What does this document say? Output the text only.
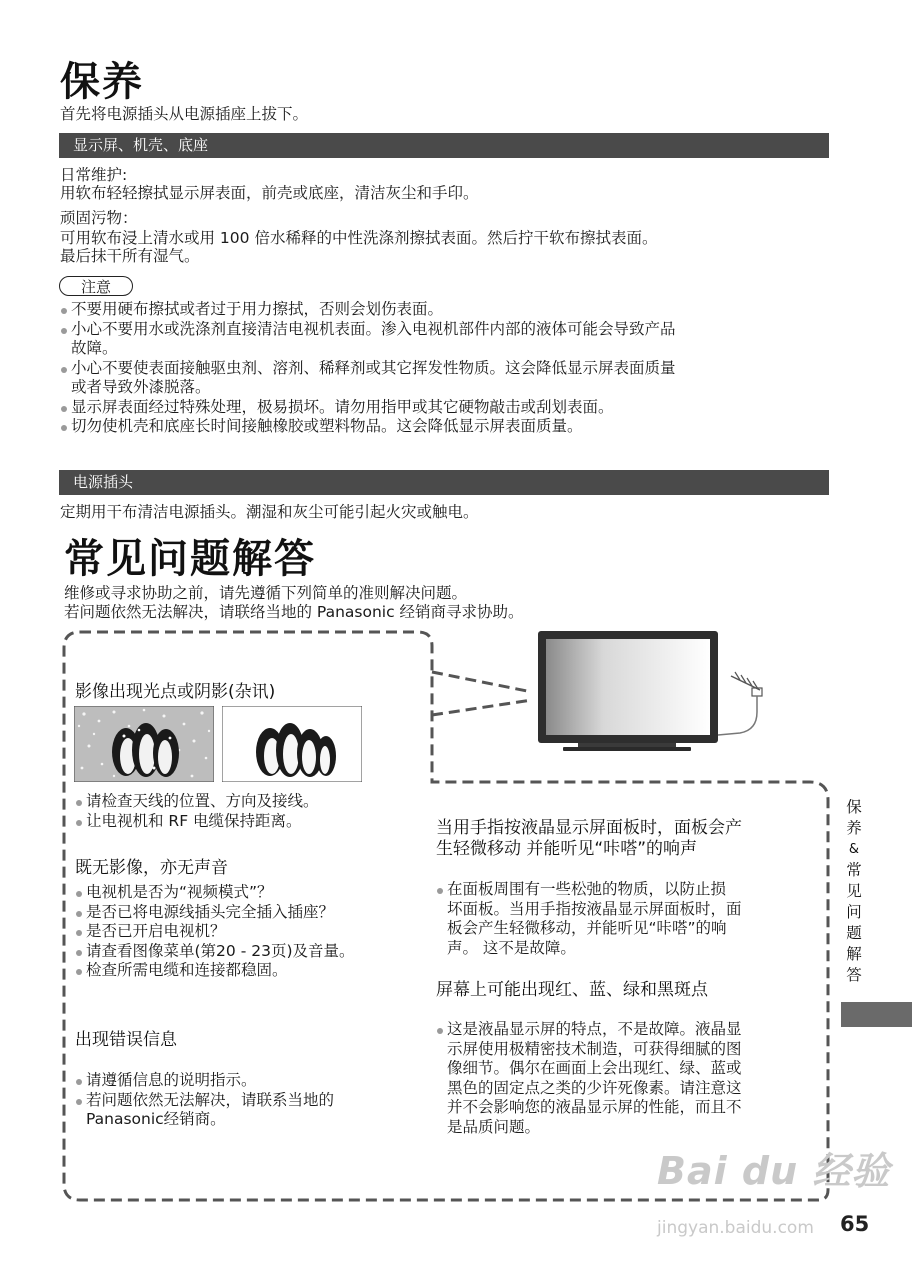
保养
首先将电源插头从电源插座上拔下。
显示屏、机壳、底座
日常维护:
用软布轻轻擦拭显示屏表面，前壳或底座，清洁灰尘和手印。
顽固污物：
可用软布浸上清水或用 100 倍水稀释的中性洗涤剂擦拭表面。然后拧干软布擦拭表面。
最后抹干所有湿气。
注意
不要用硬布擦拭或者过于用力擦拭，否则会划伤表面。
小心不要用水或洗涤剂直接清洁电视机表面。渗入电视机部件内部的液体可能会导致产品
故障。
小心不要使表面接触驱虫剂、溶剂、稀释剂或其它挥发性物质。这会降低显示屏表面质量
或者导致外漆脱落。
显示屏表面经过特殊处理，极易损坏。请勿用指甲或其它硬物敲击或刮划表面。
切勿使机壳和底座长时间接触橡胶或塑料物品。这会降低显示屏表面质量。
电源插头
定期用干布清洁电源插头。潮湿和灰尘可能引起火灾或触电。
常见问题解答
维修或寻求协助之前，请先遵循下列简单的准则解决问题。
若问题依然无法解决，请联络当地的 Panasonic 经销商寻求协助。
影像出现光点或阴影(杂讯)
请检查天线的位置、方向及接线。
让电视机和 RF 电缆保持距离。
既无影像，亦无声音
电视机是否为“视频模式”？
是否已将电源线插头完全插入插座？
是否已开启电视机？
请查看图像菜单(第20 - 23页)及音量。
检查所需电缆和连接都稳固。
出现错误信息
请遵循信息的说明指示。
若问题依然无法解决，请联系当地的
Panasonic经销商。
当用手指按液晶显示屏面板时，面板会产
生轻微移动 并能听见“咔嗒”的响声
在面板周围有一些松弛的物质，以防止损
坏面板。当用手指按液晶显示屏面板时，面
板会产生轻微移动，并能听见“咔嗒”的响
声。 这不是故障。
屏幕上可能出现红、蓝、绿和黑斑点
这是液晶显示屏的特点，不是故障。液晶显
示屏使用极精密技术制造，可获得细腻的图
像细节。偶尔在画面上会出现红、绿、蓝或
黑色的固定点之类的少许死像素。请注意这
并不会影响您的液晶显示屏的性能，而且不
是品质问题。
保
养
&
常
见
问
题
解
答
Bai du 经验
jingyan.baidu.com 65
